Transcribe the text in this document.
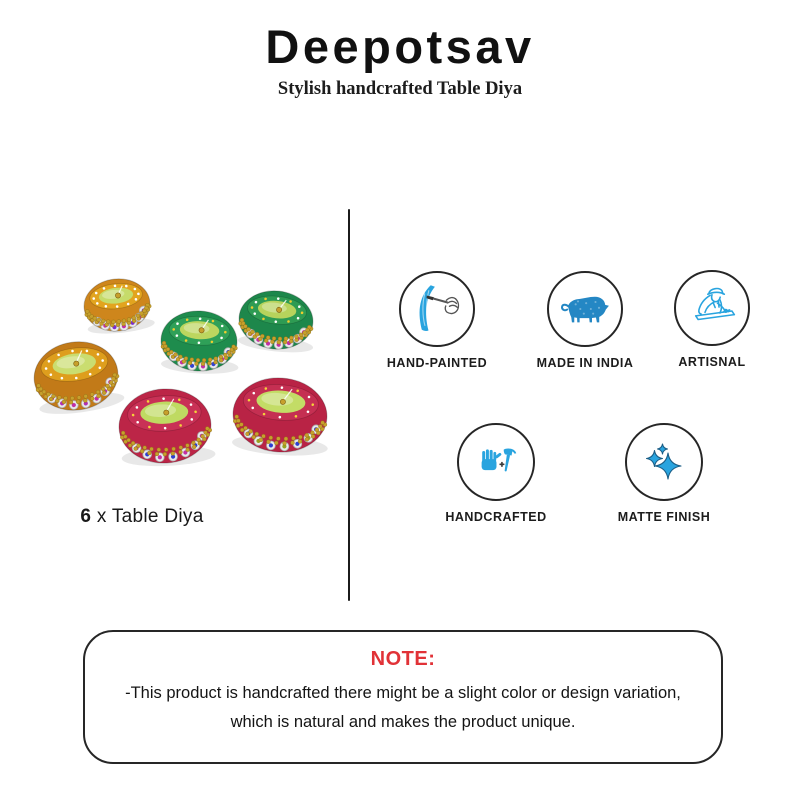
Deepotsav
Stylish handcrafted Table Diya
6 x Table Diya
HAND-PAINTED	MADE IN INDIA	ARTISNAL
HANDCRAFTED	MATTE FINISH
NOTE:
-This product is handcrafted there might be a slight color or design variation,
which is natural and makes the product unique.
